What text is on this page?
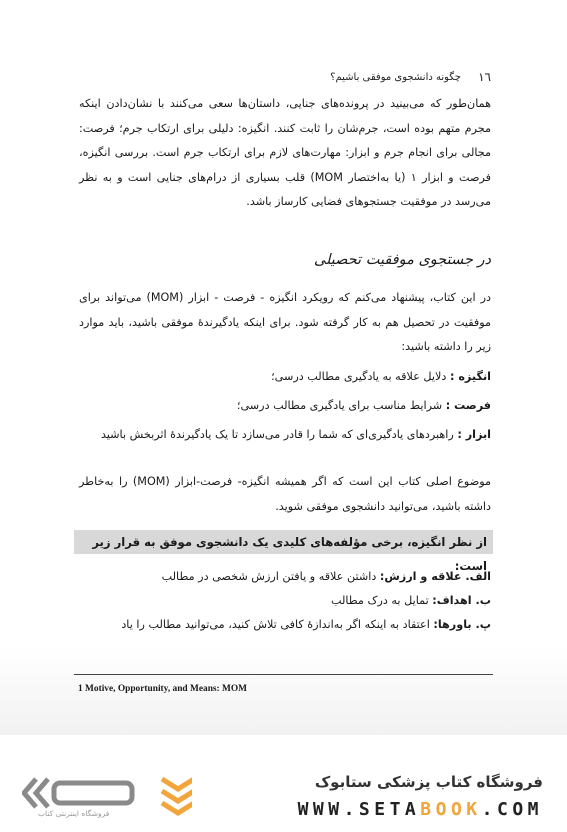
١٦
چگونه دانشجوی موفقی باشیم؟
همان‌طور که می‌بینید در پرونده‌های جنایی، داستان‌ها سعی می‌کنند با نشان‌دادن اینکه مجرم متهم بوده است، جرم‌شان را ثابت کنند. انگیزه: دلیلی برای ارتکاب جرم؛ فرصت: مجالی برای انجام جرم و ابزار: مهارت‌های لازم برای ارتکاب جرم است. بررسی انگیزه، فرصت و ابزار ۱ (یا به‌اختصار MOM) قلب بسیاری از درام‌های جنایی است و به نظر می‌رسد در موفقیت جستجوهای فضایی کارساز باشد.
در جستجوی موفقیت تحصیلی
در این کتاب، پیشنهاد می‌کنم که رویکرد انگیزه - فرصت - ابزار (MOM) می‌تواند برای موفقیت در تحصیل هم به کار گرفته شود. برای اینکه یادگیرندهٔ موفقی باشید، باید موارد زیر را داشته باشید:
انگیزه : دلایل علاقه به یادگیری مطالب درسی؛
فرصت : شرایط مناسب برای یادگیری مطالب درسی؛
ابزار : راهبردهای یادگیری‌ای که شما را قادر می‌سازد تا یک یادگیرندهٔ اثربخش باشید
موضوع اصلی کتاب این است که اگر همیشه انگیزه- فرصت-ابزار (MOM) را به‌خاطر داشته باشید، می‌توانید دانشجوی موفقی شوید.
از نظر انگیزه، برخی مؤلفه‌های کلیدی یک دانشجوی موفق به قرار زیر است:
الف. علاقه و ارزش: داشتن علاقه و یافتن ارزش شخصی در مطالب
ب. اهداف: تمایل به درک مطالب
پ. باورها: اعتقاد به اینکه اگر به‌اندازهٔ کافی تلاش کنید، می‌توانید مطالب را یاد
1 Motive, Opportunity, and Means: MOM
فروشگاه اینترنتی کتاب
فروشگاه کتاب پزشکی ستابوک
WWW.SETABOOK.COM
